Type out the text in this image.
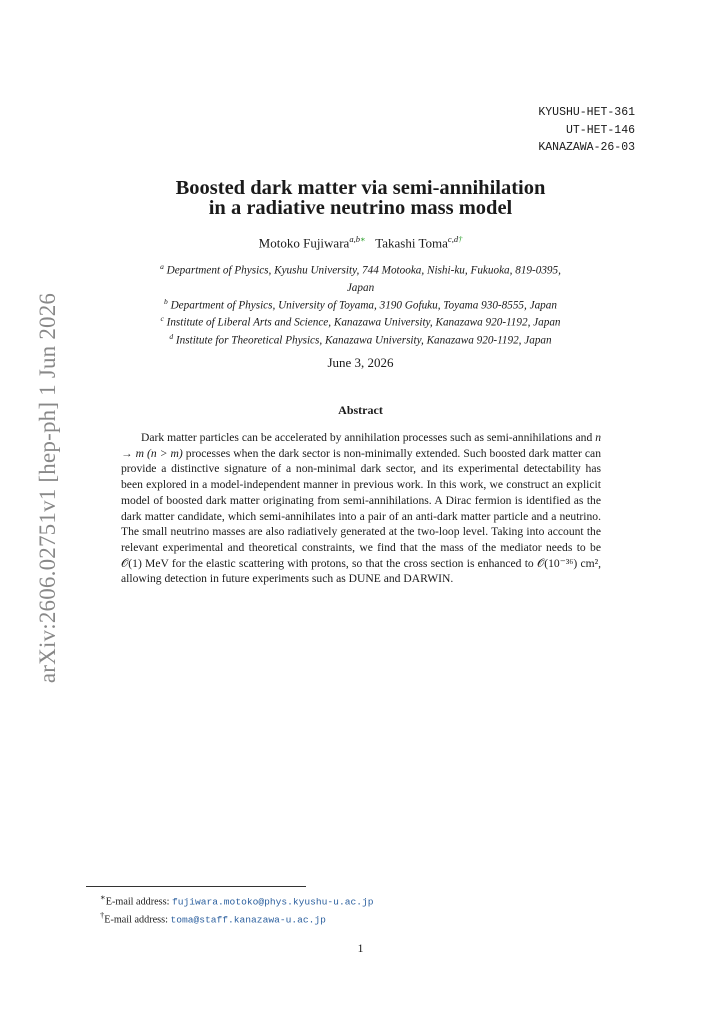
KYUSHU-HET-361
UT-HET-146
KANAZAWA-26-03
arXiv:2606.02751v1 [hep-ph] 1 Jun 2026
Boosted dark matter via semi-annihilation
in a radiative neutrino mass model
Motoko Fujiwara$^{a,b∗}$ Takashi Toma$^{c,d\dagger}$
$^a$ Department of Physics, Kyushu University, 744 Motooka, Nishi-ku, Fukuoka, 819-0395,
Japan
$^b$ Department of Physics, University of Toyama, 3190 Gofuku, Toyama 930-8555, Japan
$^c$ Institute of Liberal Arts and Science, Kanazawa University, Kanazawa 920-1192, Japan
$^d$ Institute for Theoretical Physics, Kanazawa University, Kanazawa 920-1192, Japan
June 3, 2026
Abstract

Dark matter particles can be accelerated by annihilation processes such as semi-annihilations and n → m (n > m) processes when the dark sector is non-minimally extended. Such boosted dark matter can provide a distinctive signature of a non-minimal dark sector, and its experimental detectability has been explored in a model-independent manner in previous work. In this work, we construct an explicit model of boosted dark matter originating from semi-annihilations. A Dirac fermion is identified as the dark matter candidate, which semi-annihilates into a pair of an anti-dark matter particle and a neutrino. The small neutrino masses are also radiatively generated at the two-loop level. Taking into account the relevant experimental and theoretical constraints, we find that the mass of the mediator needs to be 𝒪(1) MeV for the elastic scattering with protons, so that the cross section is enhanced to 𝒪(10⁻³⁶) cm², allowing detection in future experiments such as DUNE and DARWIN.

∗E-mail address: fujiwara.motoko@phys.kyushu-u.ac.jp
†E-mail address: toma@staff.kanazawa-u.ac.jp
1
